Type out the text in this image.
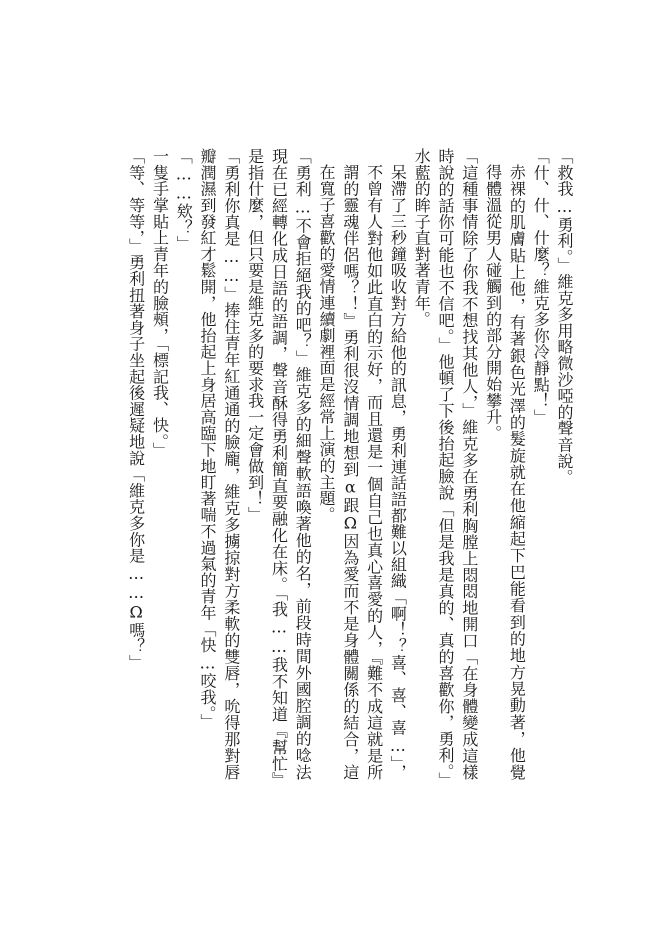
「救我…勇利。」維克多用略微沙啞的聲音說。

「什、什、什麼？維克多你冷靜點！」

赤裸的肌膚貼上他，有著銀色光澤的髮旋就在他縮起下巴能看到的地方晃動著，他覺得體溫從男人碰觸到的部分開始攀升。

「這種事情除了你我不想找其他人，」維克多在勇利胸膛上悶悶地開口「在身體變成這樣時說的話你可能也不信吧。」他頓了下後抬起臉說「但是我是真的、真的喜歡你，勇利。」水藍的眸子直對著青年。

呆滯了三秒鐘吸收對方給他的訊息，勇利連話語都難以組織「啊！？喜、喜、喜…」，不曾有人對他如此直白的示好，而且還是一個自己也真心喜愛的人，『難不成這就是所謂的靈魂伴侶嗎？！』勇利很沒情調地想到α跟Ω因為愛而不是身體關係的結合，這在寬子喜歡的愛情連續劇裡面是經常上演的主題。

「勇利…不會拒絕我的吧？」維克多的細聲軟語喚著他的名，前段時間外國腔調的唸法現在已經轉化成日語的語調，聲音酥得勇利簡直要融化在床。「我……我不知道『幫忙』是指什麼，但只要是維克多的要求我一定會做到！」

「勇利你真是……」捧住青年紅通通的臉龐，維克多擄掠對方柔軟的雙唇，吮得那對唇瓣潤濕到發紅才鬆開，他抬起上身居高臨下地盯著喘不過氣的青年「快…咬我。」

「……欸？」

一隻手掌貼上青年的臉頰，「標記我、快。」

「等、等等，」勇利扭著身子坐起後遲疑地說「維克多你是……Ω嗎？」
